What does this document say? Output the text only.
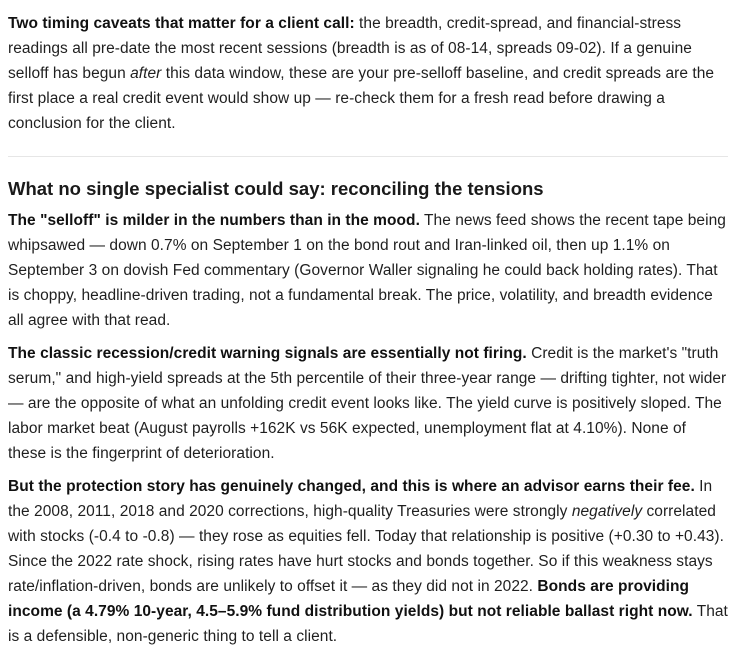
Two timing caveats that matter for a client call: the breadth, credit-spread, and financial-stress readings all pre-date the most recent sessions (breadth is as of 08-14, spreads 09-02). If a genuine selloff has begun after this data window, these are your pre-selloff baseline, and credit spreads are the first place a real credit event would show up — re-check them for a fresh read before drawing a conclusion for the client.

What no single specialist could say: reconciling the tensions

The "selloff" is milder in the numbers than in the mood. The news feed shows the recent tape being whipsawed — down 0.7% on September 1 on the bond rout and Iran-linked oil, then up 1.1% on September 3 on dovish Fed commentary (Governor Waller signaling he could back holding rates). That is choppy, headline-driven trading, not a fundamental break. The price, volatility, and breadth evidence all agree with that read.

The classic recession/credit warning signals are essentially not firing. Credit is the market's "truth serum," and high-yield spreads at the 5th percentile of their three-year range — drifting tighter, not wider — are the opposite of what an unfolding credit event looks like. The yield curve is positively sloped. The labor market beat (August payrolls +162K vs 56K expected, unemployment flat at 4.10%). None of these is the fingerprint of deterioration.

But the protection story has genuinely changed, and this is where an advisor earns their fee. In the 2008, 2011, 2018 and 2020 corrections, high-quality Treasuries were strongly negatively correlated with stocks (-0.4 to -0.8) — they rose as equities fell. Today that relationship is positive (+0.30 to +0.43). Since the 2022 rate shock, rising rates have hurt stocks and bonds together. So if this weakness stays rate/inflation-driven, bonds are unlikely to offset it — as they did not in 2022. Bonds are providing income (a 4.79% 10-year, 4.5–5.9% fund distribution yields) but not reliable ballast right now. That is a defensible, non-generic thing to tell a client.
